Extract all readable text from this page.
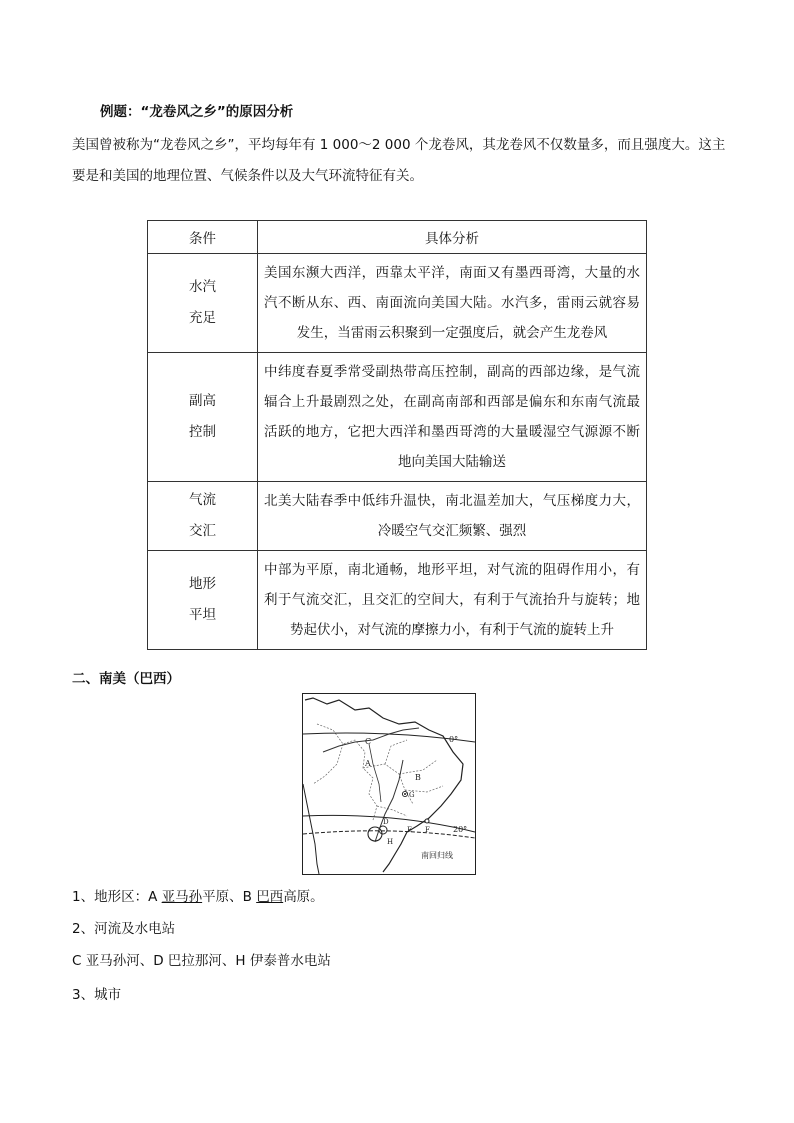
例题：“龙卷风之乡”的原因分析
美国曾被称为“龙卷风之乡”，平均每年有 1 000～2 000 个龙卷风，其龙卷风不仅数量多，而且强度大。这主要是和美国的地理位置、气候条件以及大气环流特征有关。
条件	具体分析

水汽
充足	美国东濒大西洋，西靠太平洋，南面又有墨西哥湾，大量的水汽不断从东、西、南面流向美国大陆。水汽多，雷雨云就容易发生，当雷雨云积聚到一定强度后，就会产生龙卷风

副高
控制	中纬度春夏季常受副热带高压控制，副高的西部边缘，是气流辐合上升最剧烈之处，在副高南部和西部是偏东和东南气流最活跃的地方，它把大西洋和墨西哥湾的大量暖湿空气源源不断地向美国大陆输送

气流
交汇	北美大陆春季中低纬升温快，南北温差加大，气压梯度力大，冷暖空气交汇频繁、强烈

地形
平坦	中部为平原，南北通畅，地形平坦，对气流的阻碍作用小，有利于气流交汇，且交汇的空间大，有利于气流抬升与旋转；地势起伏小，对气流的摩擦力小，有利于气流的旋转上升
二、南美（巴西）
C
A
B
G
D
E F
H
0°
20°
南回归线
1、地形区：A 亚马孙平原、B 巴西高原。
2、河流及水电站
C 亚马孙河、D 巴拉那河、H 伊泰普水电站
3、城市
